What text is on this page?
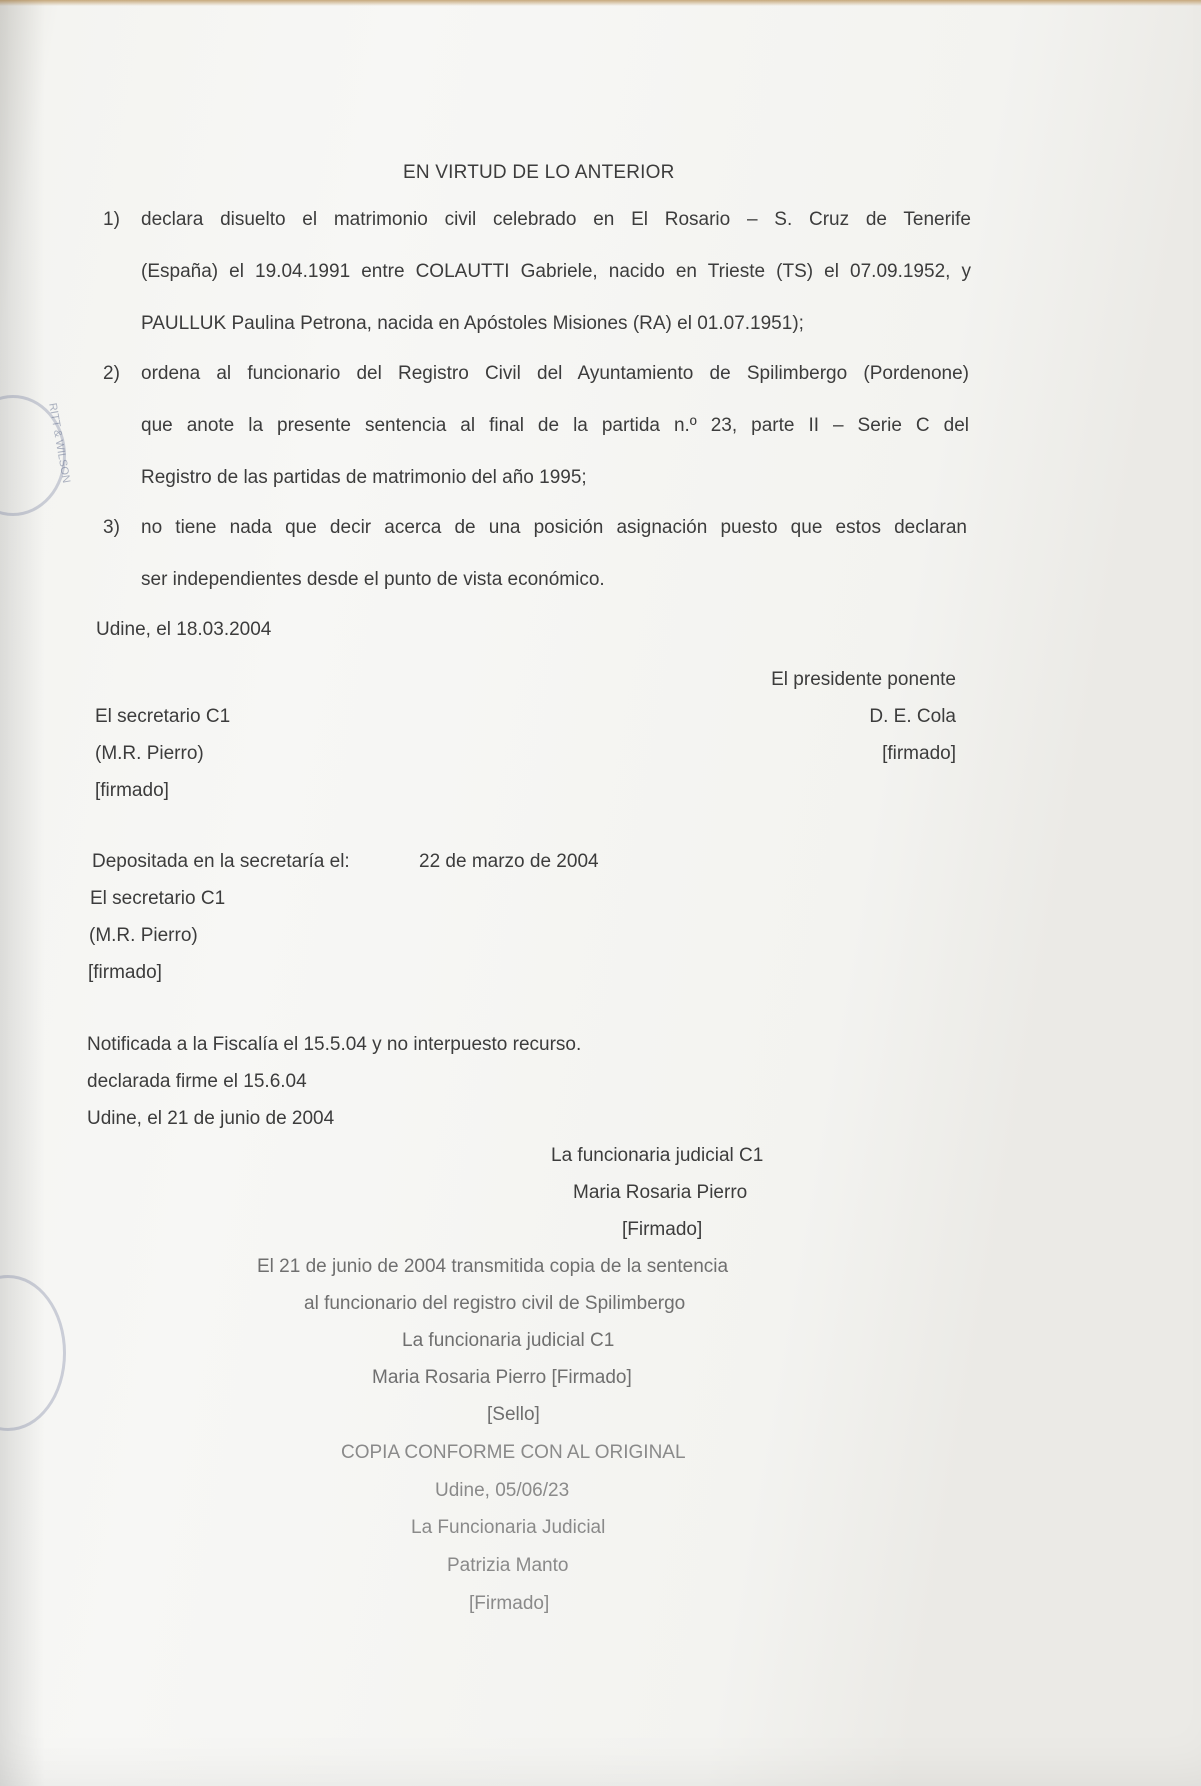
RITT & WILSON
EN VIRTUD DE LO ANTERIOR
1) declara disuelto el matrimonio civil celebrado en El Rosario – S. Cruz de Tenerife
(España) el 19.04.1991 entre COLAUTTI Gabriele, nacido en Trieste (TS) el 07.09.1952, y
PAULLUK Paulina Petrona, nacida en Apóstoles Misiones (RA) el 01.07.1951);
2) ordena al funcionario del Registro Civil del Ayuntamiento de Spilimbergo (Pordenone)
que anote la presente sentencia al final de la partida n.º 23, parte II – Serie C del
Registro de las partidas de matrimonio del año 1995;
3) no tiene nada que decir acerca de una posición asignación puesto que estos declaran
ser independientes desde el punto de vista económico.
Udine, el 18.03.2004
El presidente ponente
D. E. Cola
[firmado]
El secretario C1
(M.R. Pierro)
[firmado]
Depositada en la secretaría el:	22 de marzo de 2004
El secretario C1
(M.R. Pierro)
[firmado]
Notificada a la Fiscalía el 15.5.04 y no interpuesto recurso.
declarada firme el 15.6.04
Udine, el 21 de junio de 2004
La funcionaria judicial C1
Maria Rosaria Pierro
[Firmado]
El 21 de junio de 2004 transmitida copia de la sentencia
al funcionario del registro civil de Spilimbergo
La funcionaria judicial C1
Maria Rosaria Pierro [Firmado]
[Sello]
COPIA CONFORME CON AL ORIGINAL
Udine, 05/06/23
La Funcionaria Judicial
Patrizia Manto
[Firmado]
